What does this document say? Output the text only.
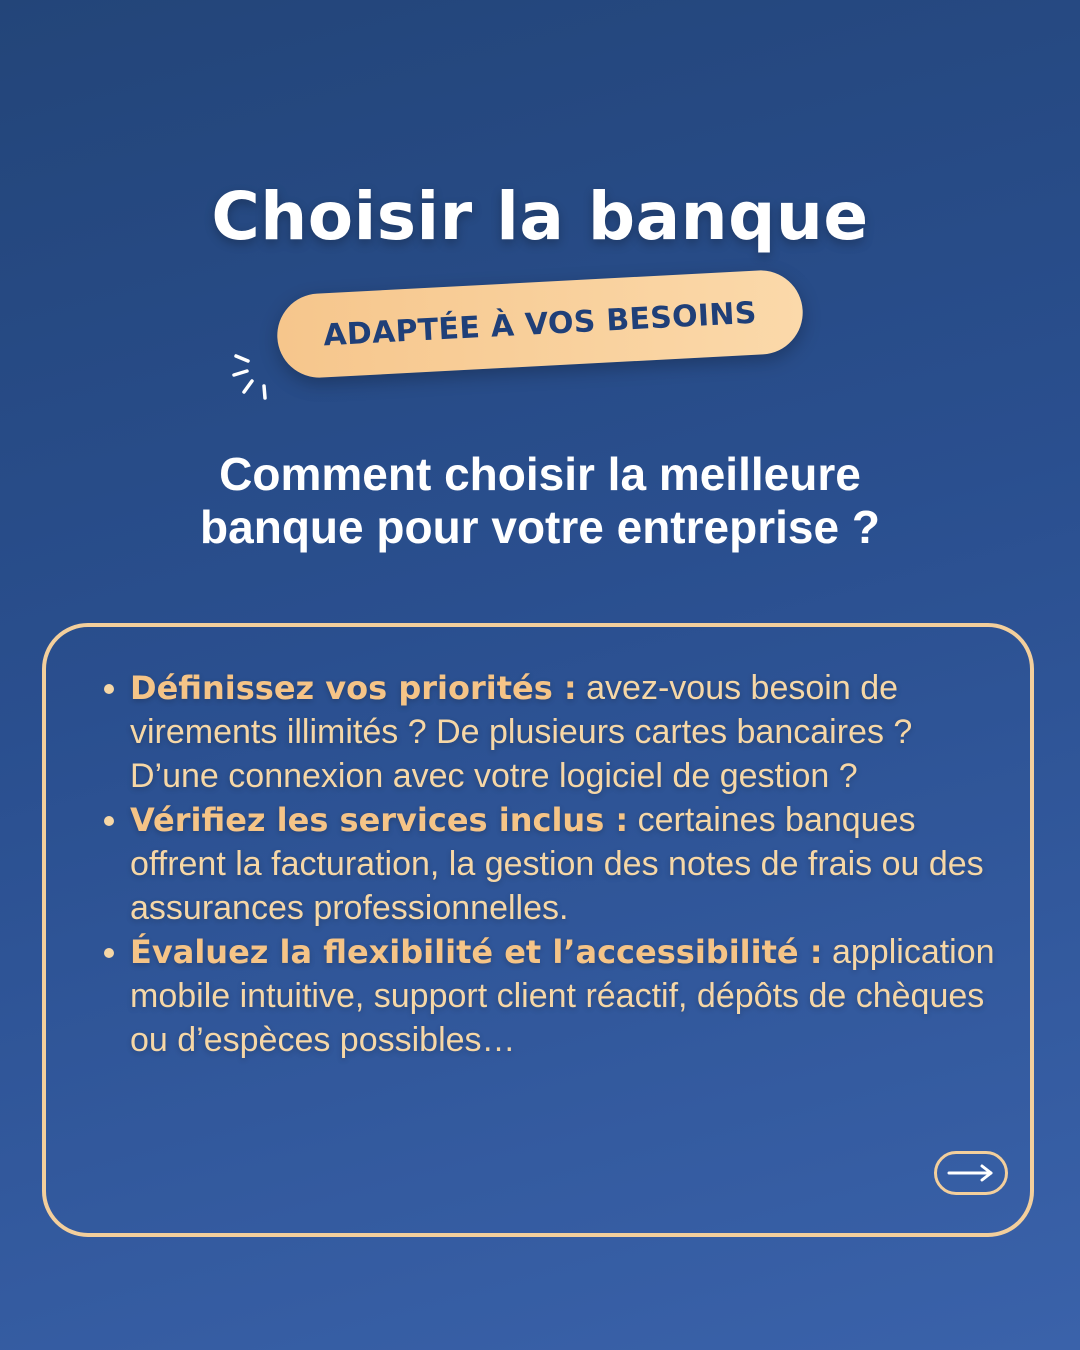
Choisir la banque
ADAPTÉE À VOS BESOINS
Comment choisir la meilleure
banque pour votre entreprise ?
Définissez vos priorités : avez-vous besoin de virements illimités ? De plusieurs cartes bancaires ? D’une connexion avec votre logiciel de gestion ?
Vérifiez les services inclus : certaines banques offrent la facturation, la gestion des notes de frais ou des assurances professionnelles.
Évaluez la flexibilité et l’accessibilité : application mobile intuitive, support client réactif, dépôts de chèques ou d’espèces possibles…
